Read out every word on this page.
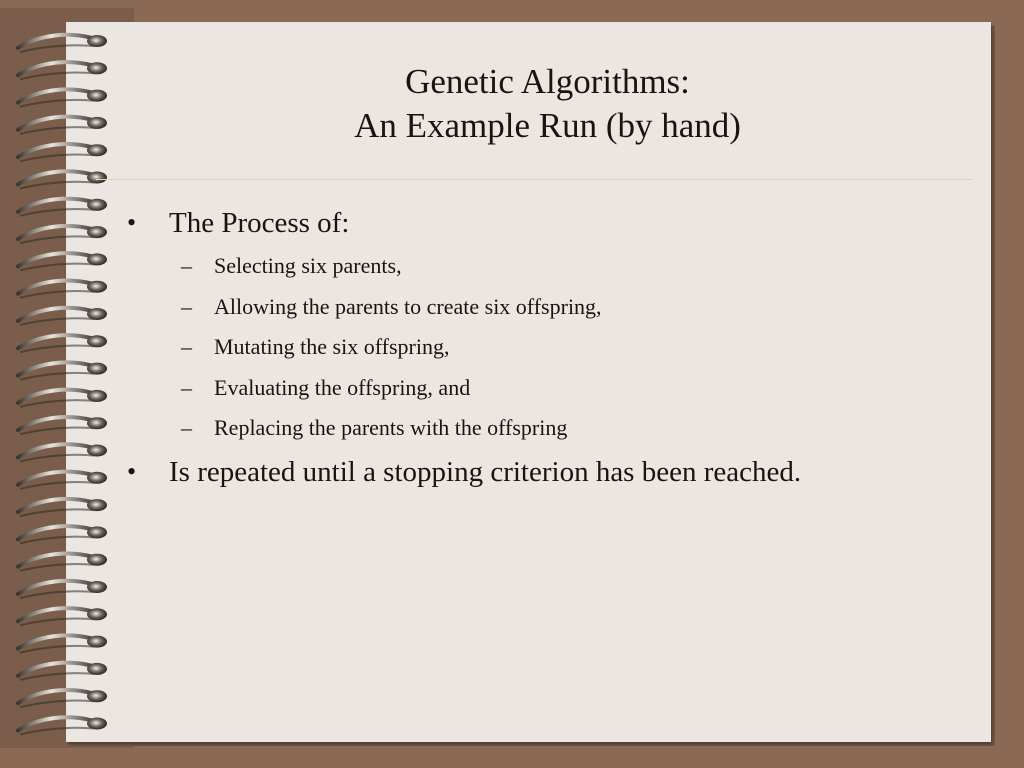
Genetic Algorithms:
An Example Run (by hand)
• The Process of:
– Selecting six parents,
– Allowing the parents to create six offspring,
– Mutating the six offspring,
– Evaluating the offspring, and
– Replacing the parents with the offspring
• Is repeated until a stopping criterion has been reached.
